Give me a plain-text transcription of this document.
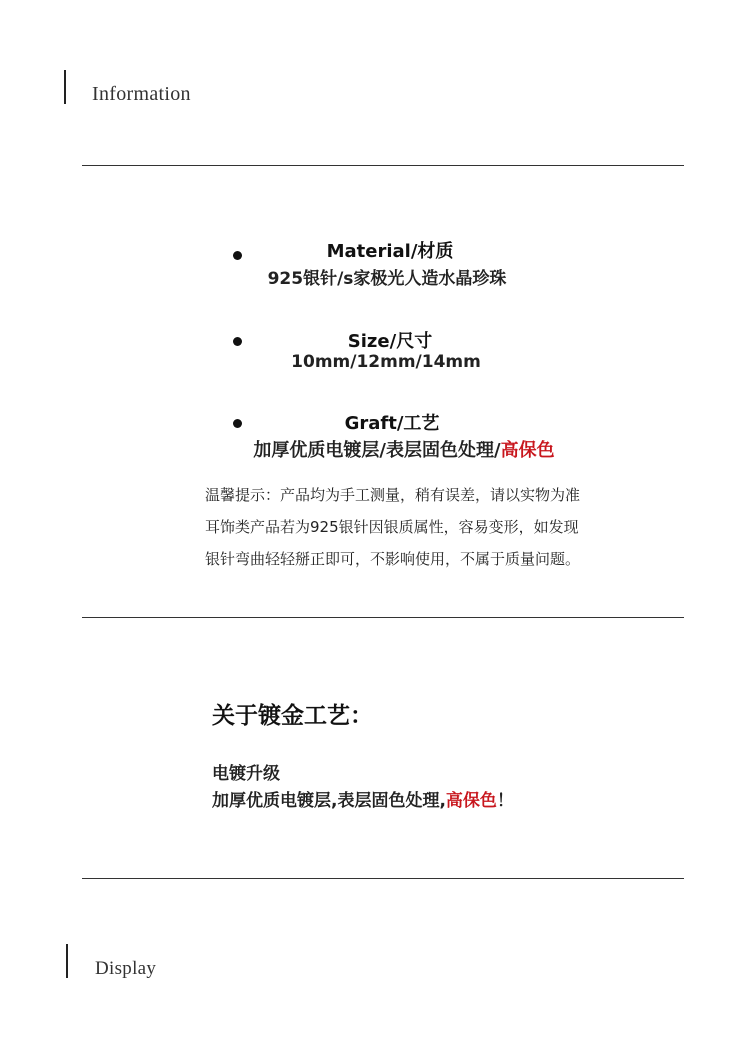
Information
Material/材质
925银针/s家极光人造水晶珍珠
Size/尺寸
10mm/12mm/14mm
Graft/工艺
加厚优质电镀层/表层固色处理/高保色

温馨提示：产品均为手工测量，稍有误差，请以实物为准

耳饰类产品若为925银针因银质属性，容易变形，如发现

银针弯曲轻轻掰正即可，不影响使用，不属于质量问题。

关于镀金工艺：
电镀升级
加厚优质电镀层,表层固色处理,高保色！
Display
